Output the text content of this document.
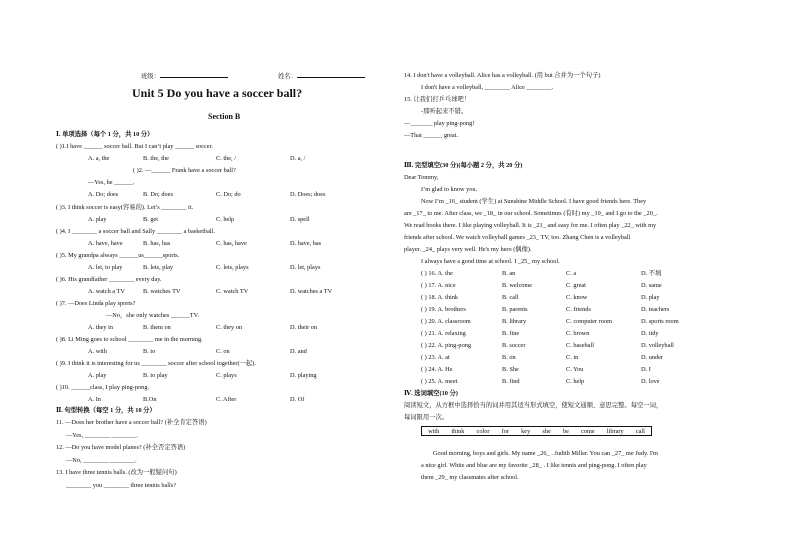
班级：	姓名：
Unit 5 Do you have a soccer ball?
Section B
Ⅰ. 单项选择（每个 1 分，共 10 分）
( )1.I have ______ soccer ball. But I can’t play ______ soccer.
A. a, the	B. the, the	C. the, /	D. a, /
( )2. —______ Frank have a soccer ball?
—Yes, he ______.
A. Do; does	B. Do; does	C. Do; do	D. Does; does
( )3. I think soccer is easy(容易的). Let’s ________ it.
A. play	B. get	C. help	D. spell
( )4. I ________ a soccer ball and Sally ________ a basketball.
A. have, have	B. has, has	C. has, have	D. have, has
( )5. My grandpa always ______us______sports.
A. let, to play	B. lets, play	C. lets, plays	D. let, plays
( )6. His grandfather ________ every day.
A. watch a TV	B. watches TV	C. watch TV	D. watches a TV
( )7. —Does Linda play sports?
—No，she only watches ______TV.
A. they in	B. them on	C. they on	D. their on
( )8. Li Ming goes to school ________ me in the morning.
A. with	B. to	C. on	D. and
( )9. I think it is interesting for us ________ soccer after school together(一起).
A. play	B. to play	C. plays	D. playing
( )10. ______class, I play ping-pong.
A. In	B.On	C. After	D. Of
Ⅱ. 句型转换（每空 1 分，共 10 分）
11. —Does her brother have a soccer ball? (补全肯定答语)
—Yes, ________ ________.
12. —Do you have model planes? (补全否定答语)
—No, ________ ________.
13. I have three tennis balls. (改为一般疑问句)
________ you ________ three tennis balls?
14. I don't have a volleyball. Alice has a volleyball. (用 but 合并为一个句子)
I don't have a volleyball, ________ Alice ________.
15. 让我们打乒乓球吧！
-那听起来不错。
—_______ play ping-pong!
—That ______ great.
Ⅲ. 完型填空(30 分)(每小题 2 分，共 20 分)
Dear Tommy,
I’m glad to know you.
Now I’m _16_ student (学生) at Sunshine Middle School. I have good friends here. They
are _17_ to me. After class, we _18_ in our school. Sometimes (有时) my _19_ and I go to the _20_.
We read books there. I like playing volleyball. It is _21_ and easy for me. I often play _22_ with my
friends after school. We watch volleyball games _23_ TV, too. Zhang Chen is a volleyball
player. _24_ plays very well. He's my hero (偶像).
I always have a good time at school. I _25_ my school.
( ) 16. A. the	B. an	C. a	D. 不填
( ) 17. A. nice	B. welcome	C. great	D. same
( ) 18. A. think	B. call	C. know	D. play
( ) 19. A. brothers	B. parents	C. friends	D. teachers
( ) 20. A. classroom	B. library	C. computer room	D. sports room
( ) 21. A. relaxing	B. fine	C. brown	D. tidy
( ) 22. A. ping-pong	B. soccer	C. baseball	D. volleyball
( ) 23. A. at	B. on	C. in	D. under
( ) 24. A. He	B. She	C. You	D. I
( ) 25. A. meet	B. find	C. help	D. love
Ⅳ. 选词填空(10 分)
阅读短文，从方框中选择恰当的词并用其适当形式填空，使短文通顺、意思完整。每空一词，
每词限用一次。
with think color for key she be come library call
Good morning, boys and girls. My name _26_ . Judith Miller. You can _27_ me Judy. I'm
a nice girl. White and blue are my favorite _28_ . I like tennis and ping-pong. I often play
them _29_ my classmates after school.
